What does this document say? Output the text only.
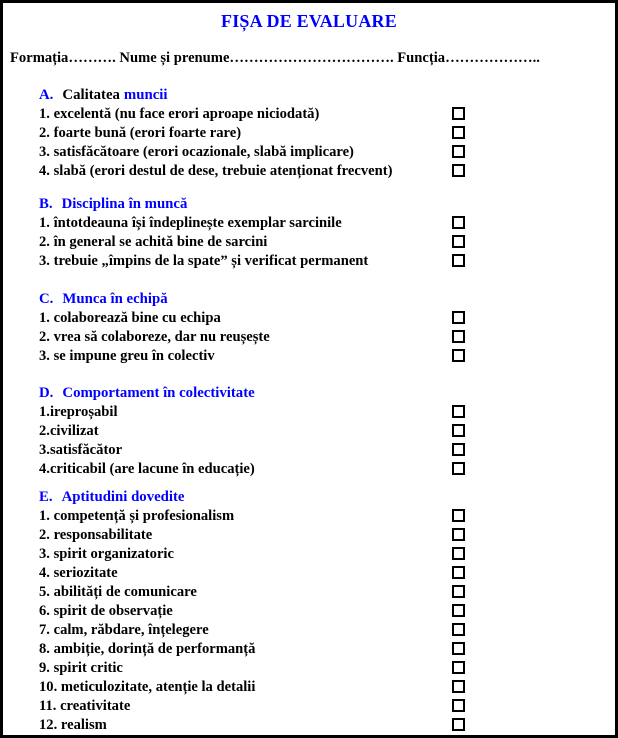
FIȘA DE EVALUARE
Formația………. Nume și prenume……………………………. Funcția………………..
A. Calitatea muncii
1. excelentă (nu face erori aproape niciodată)
2. foarte bună (erori foarte rare)
3. satisfăcătoare (erori ocazionale, slabă implicare)
4. slabă (erori destul de dese, trebuie atenționat frecvent)
B. Disciplina în muncă
1. întotdeauna își îndeplinește exemplar sarcinile
2. în general se achită bine de sarcini
3. trebuie „împins de la spate” și verificat permanent
C. Munca în echipă
1. colaborează bine cu echipa
2. vrea să colaboreze, dar nu reușește
3. se impune greu în colectiv
D. Comportament în colectivitate
1.ireproșabil
2.civilizat
3.satisfăcător
4.criticabil (are lacune în educație)
E. Aptitudini dovedite
1. competență și profesionalism
2. responsabilitate
3. spirit organizatoric
4. seriozitate
5. abilități de comunicare
6. spirit de observație
7. calm, răbdare, înțelegere
8. ambiție, dorință de performanță
9. spirit critic
10. meticulozitate, atenție la detalii
11. creativitate
12. realism
